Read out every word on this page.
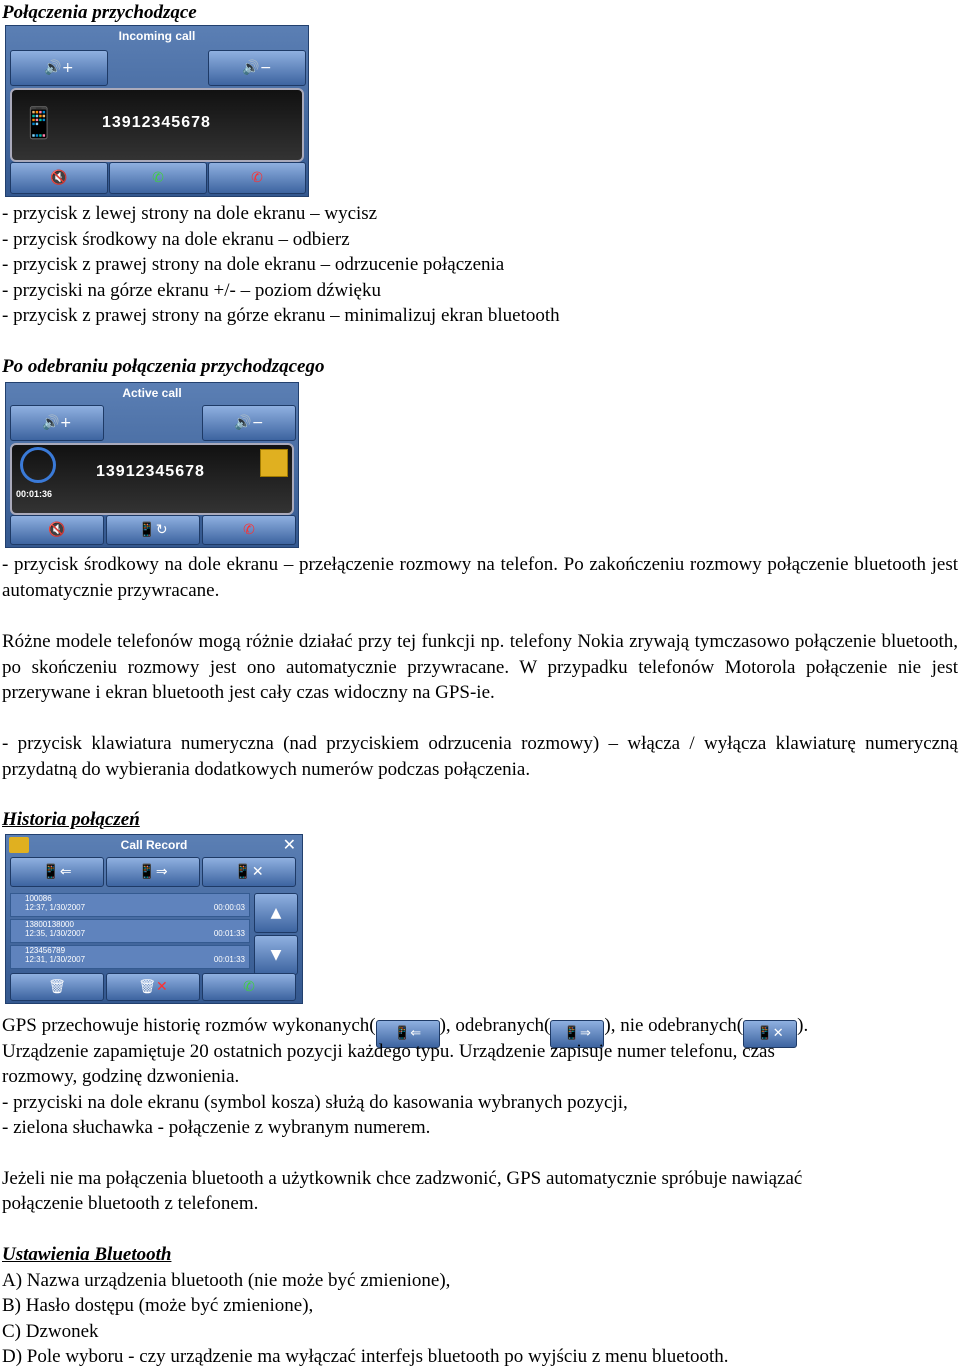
Połączenia przychodzące
Incoming call
🔊+	🔊−
📱	13912345678
🔇	✆	✆
- przycisk z lewej strony na dole ekranu – wycisz
- przycisk środkowy na dole ekranu – odbierz
- przycisk z prawej strony na dole ekranu – odrzucenie połączenia
- przyciski na górze ekranu +/- – poziom dźwięku
- przycisk z prawej strony na górze ekranu – minimalizuj ekran bluetooth
Po odebraniu połączenia przychodzącego
Active call
🔊+	🔊−
00:01:36
13912345678
🔇	📱↻	✆
- przycisk środkowy na dole ekranu – przełączenie rozmowy na telefon. Po zakończeniu rozmowy połączenie bluetooth jest automatycznie przywracane.
Różne modele telefonów mogą różnie działać przy tej funkcji np. telefony Nokia zrywają tymczasowo połączenie bluetooth, po skończeniu rozmowy jest ono automatycznie przywracane. W przypadku telefonów Motorola połączenie nie jest przerywane i ekran bluetooth jest cały czas widoczny na GPS-ie.
- przycisk klawiatura numeryczna (nad przyciskiem odrzucenia rozmowy) – włącza / wyłącza klawiaturę numeryczną przydatną do wybierania dodatkowych numerów podczas połączenia.
Historia połączeń
Call Record	✕
📱⇐	📱⇒	📱✕
100086
12:37, 1/30/2007	00:00:03
13800138000
12:35, 1/30/2007	00:01:33
123456789
12:31, 1/30/2007	00:01:33
▲
▼
🗑	🗑✕	✆
GPS przechowuje historię rozmów wykonanych( 📱⇐ ), odebranych( 📱⇒ ), nie odebranych( 📱✕ ).
Urządzenie zapamiętuje 20 ostatnich pozycji każdego typu. Urządzenie zapisuje numer telefonu, czas
rozmowy, godzinę dzwonienia.
- przyciski na dole ekranu (symbol kosza) służą do kasowania wybranych pozycji,
- zielona słuchawka - połączenie z wybranym numerem.
Jeżeli nie ma połączenia bluetooth a użytkownik chce zadzwonić, GPS automatycznie spróbuje nawiązać
połączenie bluetooth z telefonem.
Ustawienia Bluetooth
A) Nazwa urządzenia bluetooth (nie może być zmienione),
B) Hasło dostępu (może być zmienione),
C) Dzwonek
D) Pole wyboru - czy urządzenie ma wyłączać interfejs bluetooth po wyjściu z menu bluetooth.
